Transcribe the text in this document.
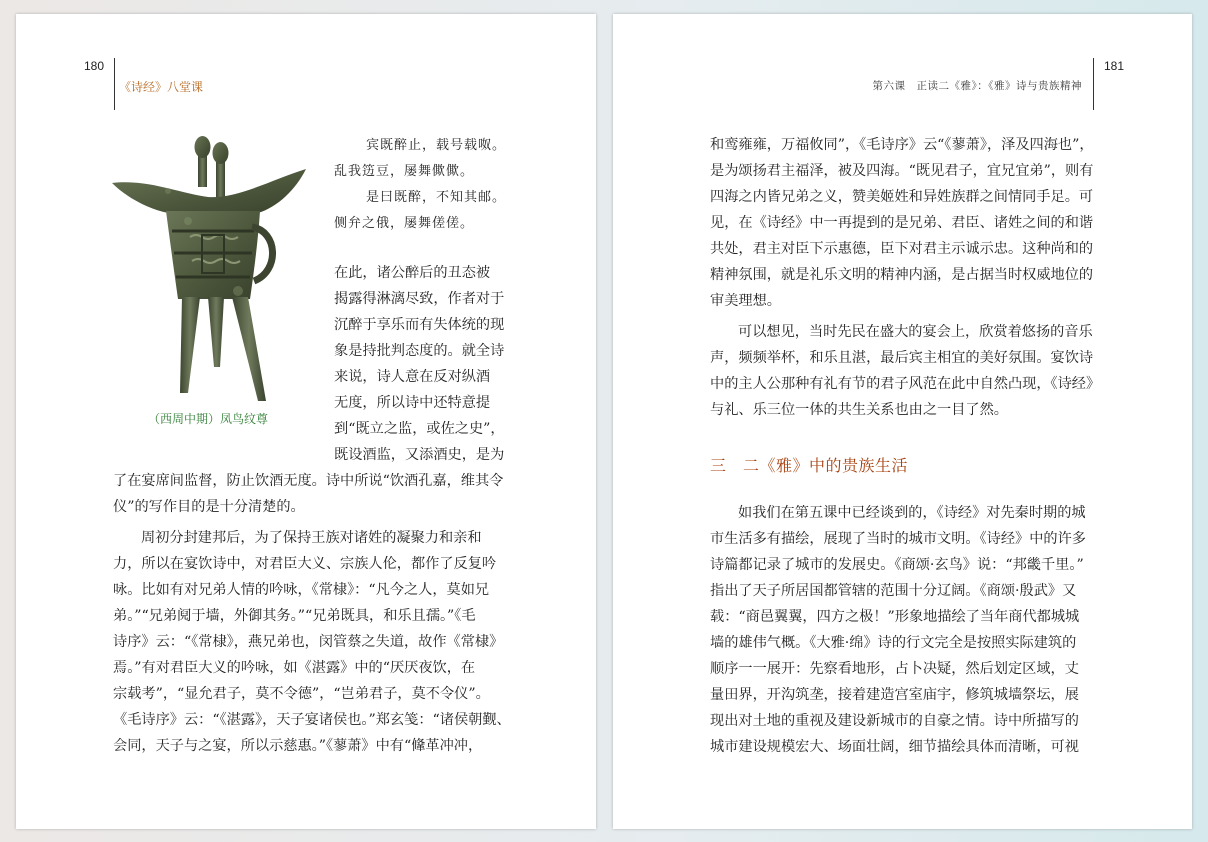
180
《诗经》八堂课
（西周中期）凤鸟纹尊
宾既醉止，载号载呶。
乱我笾豆，屡舞僛僛。
是曰既醉，不知其邮。
侧弁之俄，屡舞傞傞。
在此，诸公醉后的丑态被
揭露得淋漓尽致，作者对于
沉醉于享乐而有失体统的现
象是持批判态度的。就全诗
来说，诗人意在反对纵酒
无度，所以诗中还特意提
到“既立之监，或佐之史”，
既设酒监，又添酒史，是为
了在宴席间监督，防止饮酒无度。诗中所说“饮酒孔嘉，维其令
仪”的写作目的是十分清楚的。
周初分封建邦后，为了保持王族对诸姓的凝聚力和亲和
力，所以在宴饮诗中，对君臣大义、宗族人伦，都作了反复吟
咏。比如有对兄弟人情的吟咏，《常棣》：“凡今之人，莫如兄
弟。”“兄弟阋于墙，外御其务。”“兄弟既具，和乐且孺。”《毛
诗序》云：“《常棣》，燕兄弟也，闵管蔡之失道，故作《常棣》
焉。”有对君臣大义的吟咏，如《湛露》中的“厌厌夜饮，在
宗载考”，“显允君子，莫不令德”，“岂弟君子，莫不令仪”。
《毛诗序》云：“《湛露》，天子宴诸侯也。”郑玄笺：“诸侯朝觐、
会同，天子与之宴，所以示慈惠。”《蓼萧》中有“鞗革冲冲，
181
第六课　正读二《雅》：《雅》诗与贵族精神
和鸾雍雍，万福攸同”，《毛诗序》云“《蓼萧》，泽及四海也”，
是为颂扬君主福泽，被及四海。“既见君子，宜兄宜弟”，则有
四海之内皆兄弟之义，赞美姬姓和异姓族群之间情同手足。可
见，在《诗经》中一再提到的是兄弟、君臣、诸姓之间的和谐
共处，君主对臣下示惠德，臣下对君主示诚示忠。这种尚和的
精神氛围，就是礼乐文明的精神内涵，是占据当时权威地位的
审美理想。
可以想见，当时先民在盛大的宴会上，欣赏着悠扬的音乐
声，频频举杯，和乐且湛，最后宾主相宜的美好氛围。宴饮诗
中的主人公那种有礼有节的君子风范在此中自然凸现，《诗经》
与礼、乐三位一体的共生关系也由之一目了然。
三　二《雅》中的贵族生活
如我们在第五课中已经谈到的，《诗经》对先秦时期的城
市生活多有描绘，展现了当时的城市文明。《诗经》中的许多
诗篇都记录了城市的发展史。《商颂·玄鸟》说：“邦畿千里。”
指出了天子所居国都管辖的范围十分辽阔。《商颂·殷武》又
载：“商邑翼翼，四方之极！”形象地描绘了当年商代都城城
墙的雄伟气概。《大雅·绵》诗的行文完全是按照实际建筑的
顺序一一展开：先察看地形，占卜决疑，然后划定区域，丈
量田界，开沟筑垄，接着建造宫室庙宇，修筑城墙祭坛，展
现出对土地的重视及建设新城市的自豪之情。诗中所描写的
城市建设规模宏大、场面壮阔，细节描绘具体而清晰，可视
